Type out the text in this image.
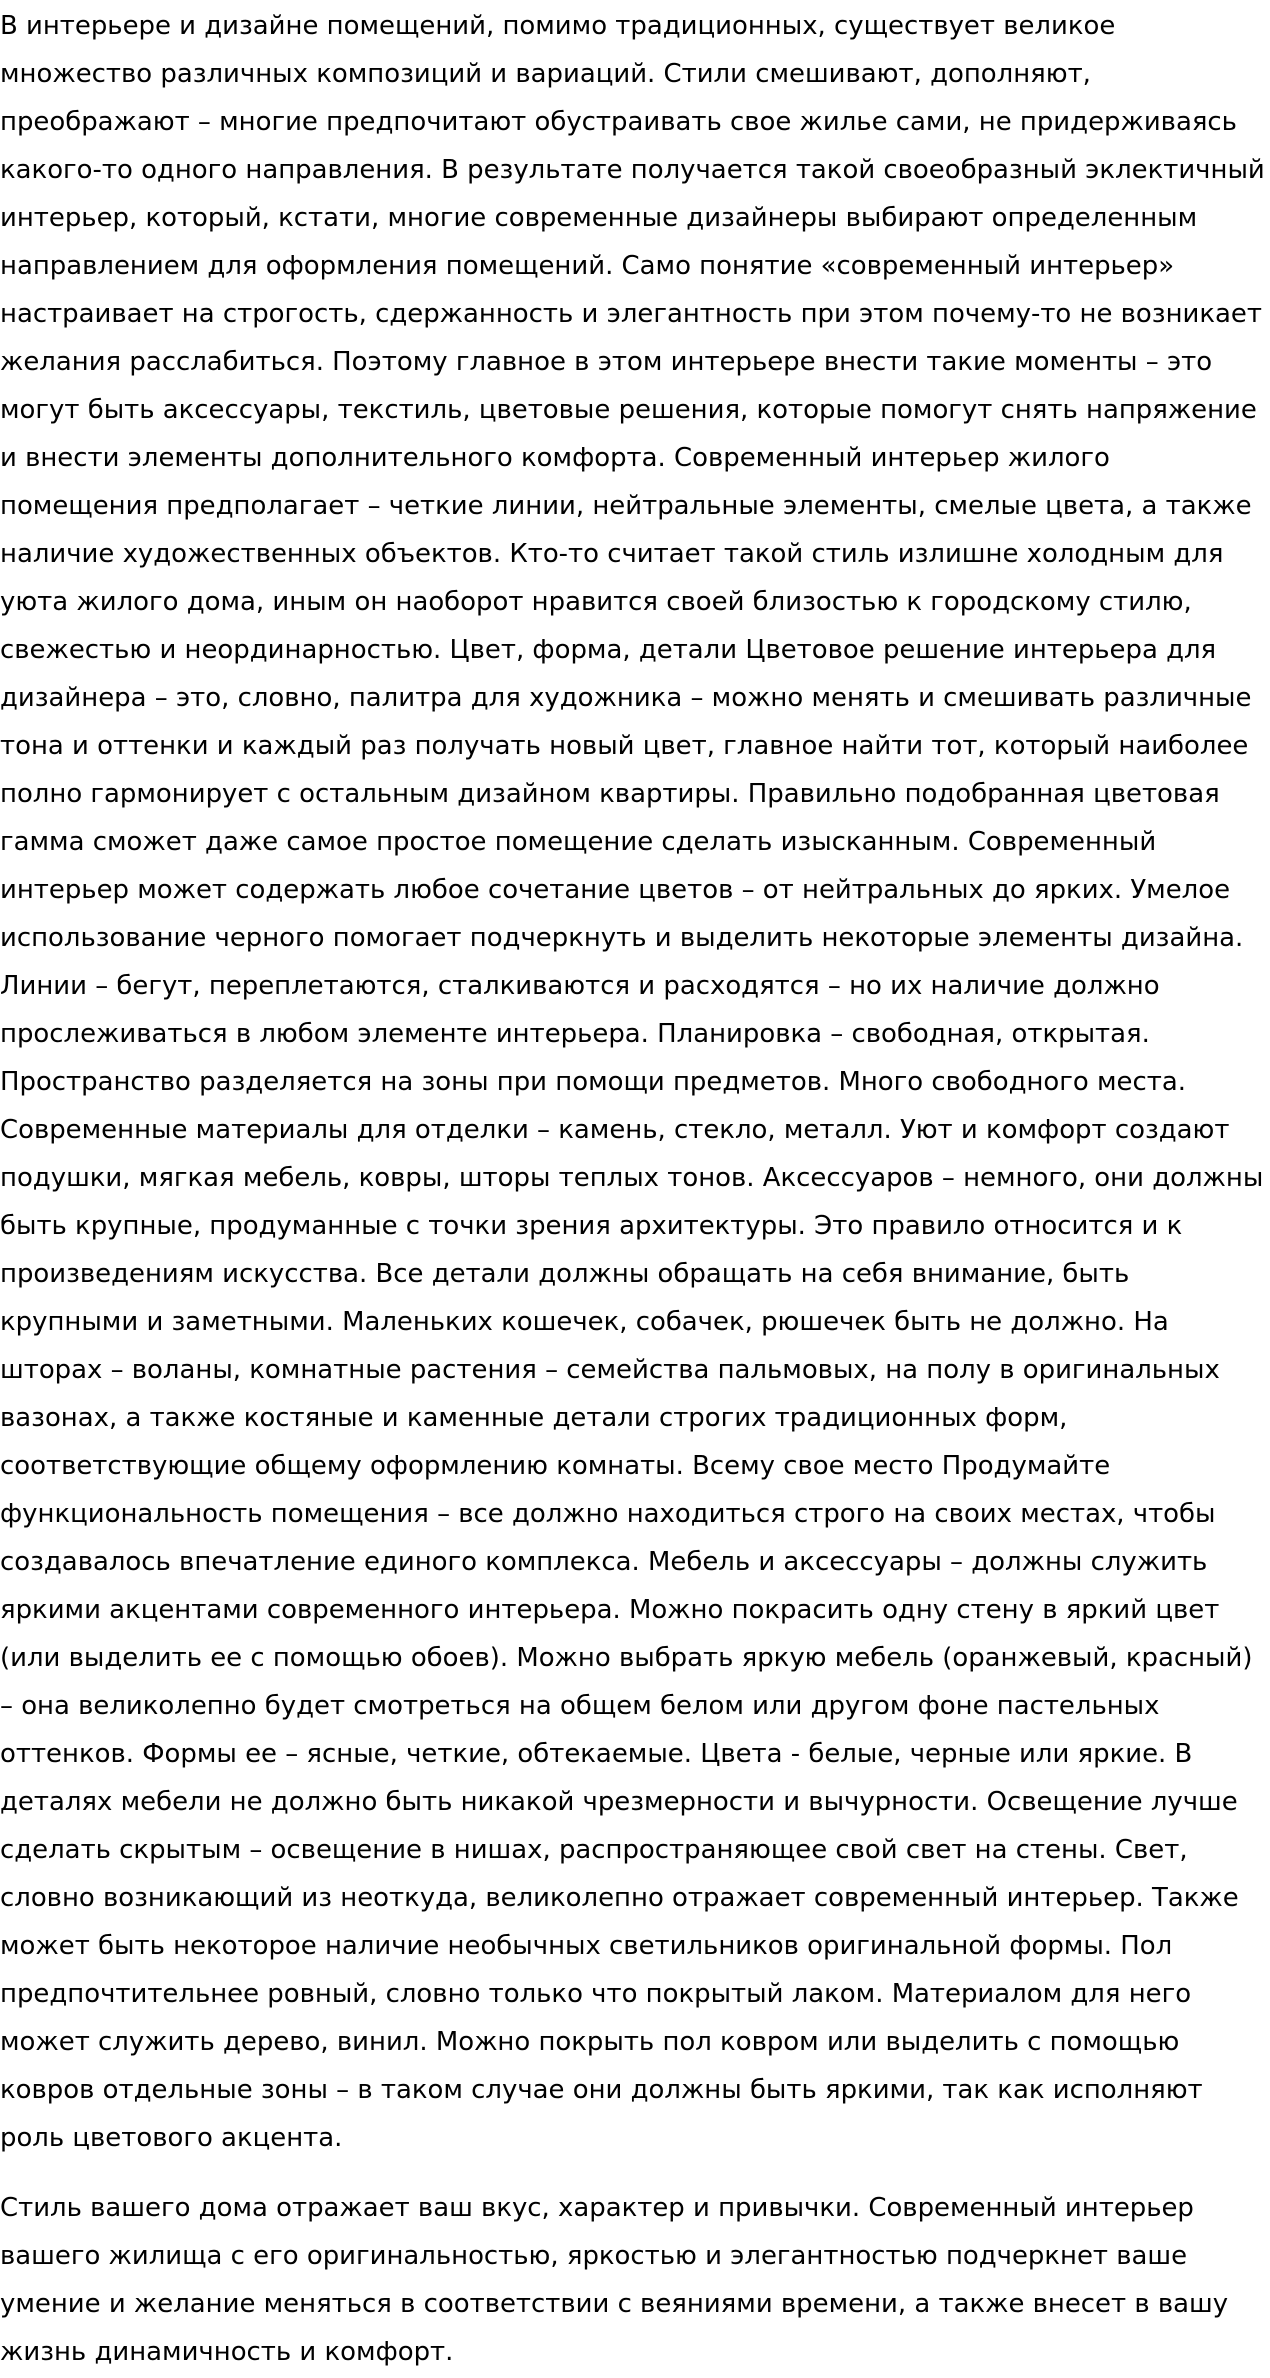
В интерьере и дизайне помещений, помимо традиционных, существует великое
множество различных композиций и вариаций. Стили смешивают, дополняют,
преображают – многие предпочитают обустраивать свое жилье сами, не придерживаясь
какого-то одного направления. В результате получается такой своеобразный эклектичный
интерьер, который, кстати, многие современные дизайнеры выбирают определенным
направлением для оформления помещений. Само понятие «современный интерьер»
настраивает на строгость, сдержанность и элегантность при этом почему-то не возникает
желания расслабиться. Поэтому главное в этом интерьере внести такие моменты – это
могут быть аксессуары, текстиль, цветовые решения, которые помогут снять напряжение
и внести элементы дополнительного комфорта. Современный интерьер жилого
помещения предполагает – четкие линии, нейтральные элементы, смелые цвета, а также
наличие художественных объектов. Кто-то считает такой стиль излишне холодным для
уюта жилого дома, иным он наоборот нравится своей близостью к городскому стилю,
свежестью и неординарностью. Цвет, форма, детали Цветовое решение интерьера для
дизайнера – это, словно, палитра для художника – можно менять и смешивать различные
тона и оттенки и каждый раз получать новый цвет, главное найти тот, который наиболее
полно гармонирует с остальным дизайном квартиры. Правильно подобранная цветовая
гамма сможет даже самое простое помещение сделать изысканным. Современный
интерьер может содержать любое сочетание цветов – от нейтральных до ярких. Умелое
использование черного помогает подчеркнуть и выделить некоторые элементы дизайна.
Линии – бегут, переплетаются, сталкиваются и расходятся – но их наличие должно
прослеживаться в любом элементе интерьера. Планировка – свободная, открытая.
Пространство разделяется на зоны при помощи предметов. Много свободного места.
Современные материалы для отделки – камень, стекло, металл. Уют и комфорт создают
подушки, мягкая мебель, ковры, шторы теплых тонов. Аксессуаров – немного, они должны
быть крупные, продуманные с точки зрения архитектуры. Это правило относится и к
произведениям искусства. Все детали должны обращать на себя внимание, быть
крупными и заметными. Маленьких кошечек, собачек, рюшечек быть не должно. На
шторах – воланы, комнатные растения – семейства пальмовых, на полу в оригинальных
вазонах, а также костяные и каменные детали строгих традиционных форм,
соответствующие общему оформлению комнаты. Всему свое место Продумайте
функциональность помещения – все должно находиться строго на своих местах, чтобы
создавалось впечатление единого комплекса. Мебель и аксессуары – должны служить
яркими акцентами современного интерьера. Можно покрасить одну стену в яркий цвет
(или выделить ее с помощью обоев). Можно выбрать яркую мебель (оранжевый, красный)
– она великолепно будет смотреться на общем белом или другом фоне пастельных
оттенков. Формы ее – ясные, четкие, обтекаемые. Цвета - белые, черные или яркие. В
деталях мебели не должно быть никакой чрезмерности и вычурности. Освещение лучше
сделать скрытым – освещение в нишах, распространяющее свой свет на стены. Свет,
словно возникающий из неоткуда, великолепно отражает современный интерьер. Также
может быть некоторое наличие необычных светильников оригинальной формы. Пол
предпочтительнее ровный, словно только что покрытый лаком. Материалом для него
может служить дерево, винил. Можно покрыть пол ковром или выделить с помощью
ковров отдельные зоны – в таком случае они должны быть яркими, так как исполняют
роль цветового акцента.

Стиль вашего дома отражает ваш вкус, характер и привычки. Современный интерьер
вашего жилища с его оригинальностью, яркостью и элегантностью подчеркнет ваше
умение и желание меняться в соответствии с веяниями времени, а также внесет в вашу
жизнь динамичность и комфорт.
